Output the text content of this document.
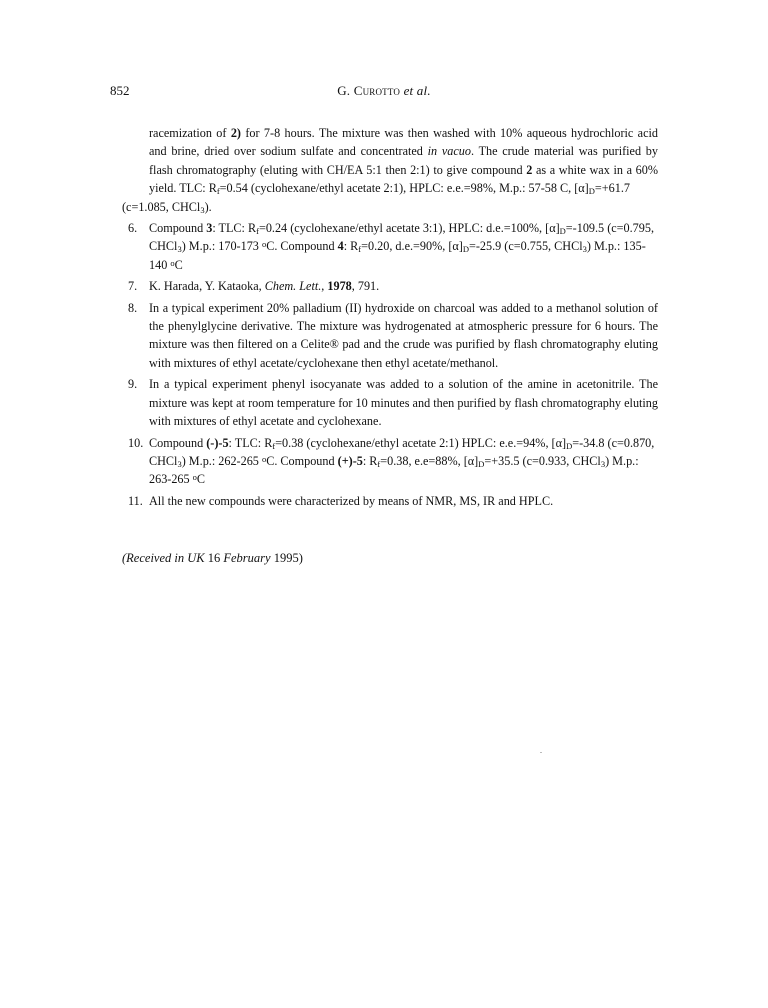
852	G. Curotto et al.

racemization of 2) for 7-8 hours. The mixture was then washed with 10% aqueous hydrochloric acid and brine, dried over sodium sulfate and concentrated in vacuo. The crude material was purified by flash chromatography (eluting with CH/EA 5:1 then 2:1) to give compound 2 as a white wax in a 60% yield. TLC: $R_f=0.54$ (cyclohexane/ethyl acetate 2:1), HPLC: e.e.=98%, M.p.: 57-58 C, $[\alpha]_D=+61.7$

(c=1.085, CHCl$_3$).

6. Compound 3: TLC: $R_f=0.24$ (cyclohexane/ethyl acetate 3:1), HPLC: d.e.=100%, $[\alpha]_D=-109.5$ (c=0.795, CHCl$_3$) M.p.: 170-173 $^o$C. Compound 4: $R_f=0.20$, d.e.=90%, $[\alpha]_D=-25.9$ (c=0.755, CHCl$_3$) M.p.: 135-140 $^o$C
7. K. Harada, Y. Kataoka, Chem. Lett., 1978, 791.
8. In a typical experiment 20% palladium (II) hydroxide on charcoal was added to a methanol solution of the phenylglycine derivative. The mixture was hydrogenated at atmospheric pressure for 6 hours. The mixture was then filtered on a Celite® pad and the crude was purified by flash chromatography eluting with mixtures of ethyl acetate/cyclohexane then ethyl acetate/methanol.
9. In a typical experiment phenyl isocyanate was added to a solution of the amine in acetonitrile. The mixture was kept at room temperature for 10 minutes and then purified by flash chromatography eluting with mixtures of ethyl acetate and cyclohexane.
10. Compound (-)-5: TLC: $R_f=0.38$ (cyclohexane/ethyl acetate 2:1) HPLC: e.e.=94%, $[\alpha]_D=-34.8$ (c=0.870, CHCl$_3$) M.p.: 262-265 $^o$C. Compound (+)-5: $R_f=0.38$, e.e=88%, $[\alpha]_D=+35.5$ (c=0.933, CHCl$_3$) M.p.: 263-265 $^o$C
11. All the new compounds were characterized by means of NMR, MS, IR and HPLC.
(Received in UK 16 February 1995)
